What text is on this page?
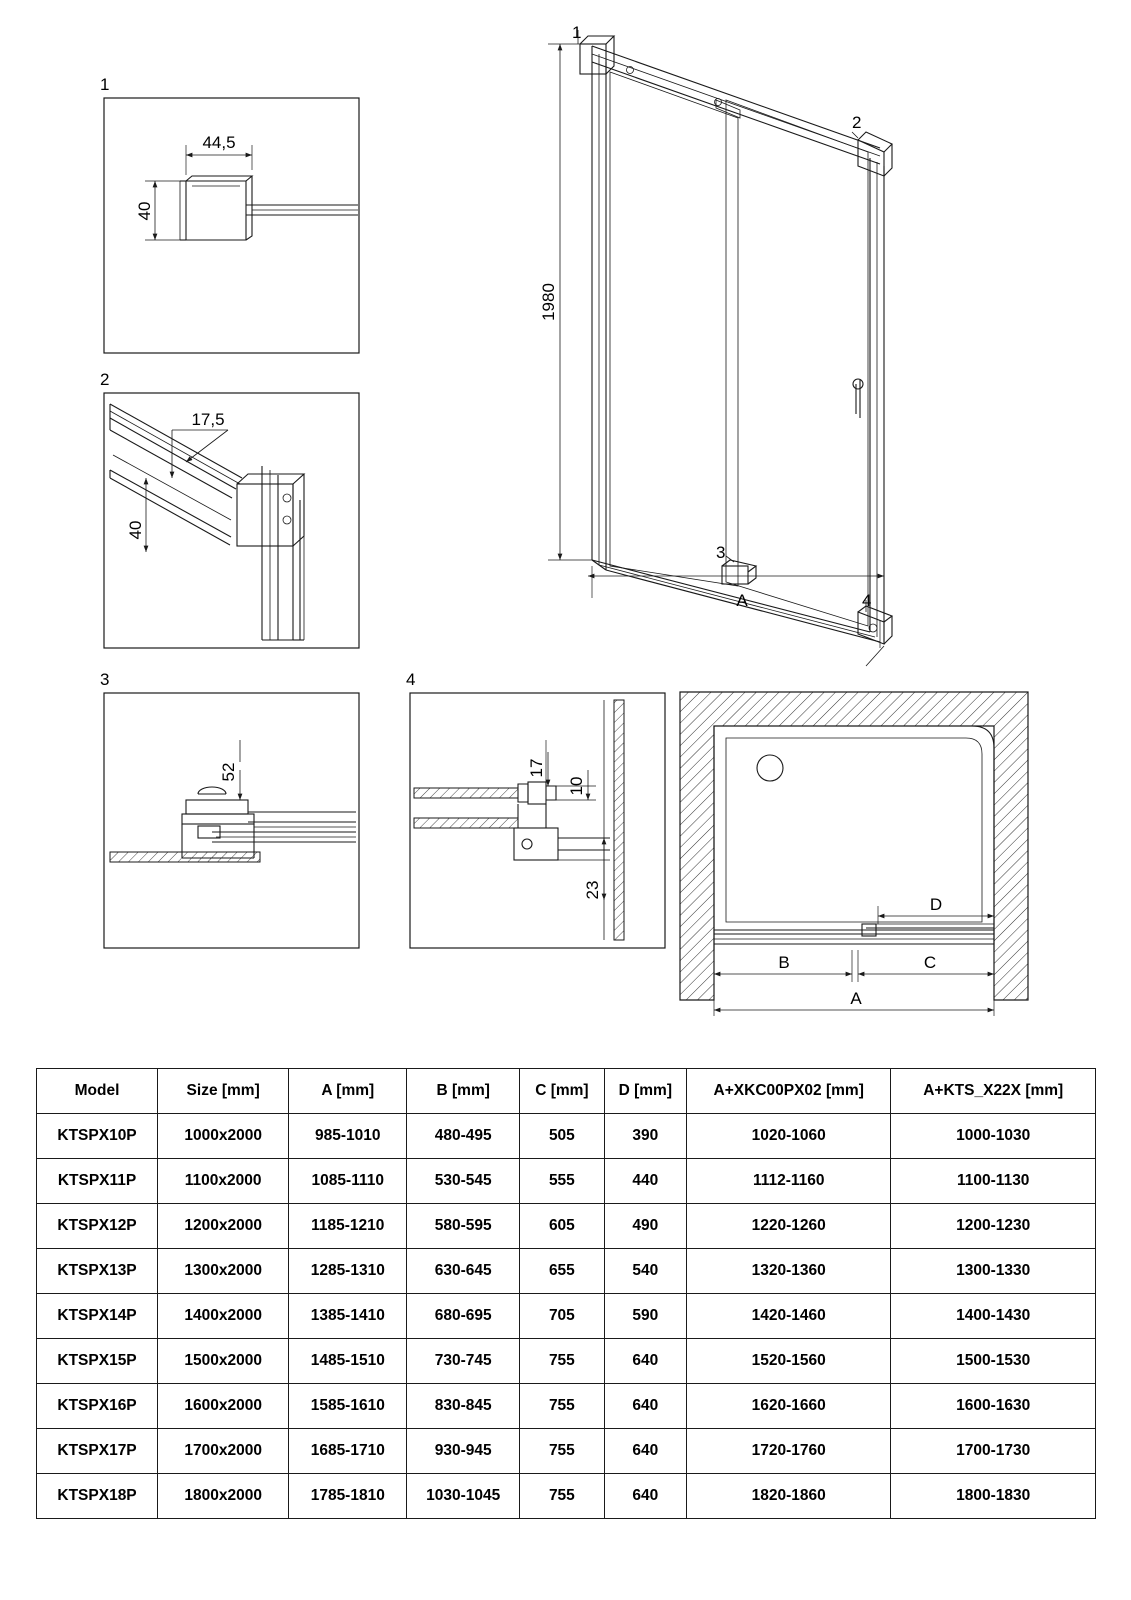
1
44,5
40
2
17,5
40
3
52
4
17
10
23
1
2
3
4
1980
A
D
B	C
A
Model	Size [mm]	A [mm]	B [mm]	C [mm]	D [mm]	A+XKC00PX02 [mm]	A+KTS_X22X [mm]
KTSPX10P	1000x2000	985-1010	480-495	505	390	1020-1060	1000-1030
KTSPX11P	1100x2000	1085-1110	530-545	555	440	1112-1160	1100-1130
KTSPX12P	1200x2000	1185-1210	580-595	605	490	1220-1260	1200-1230
KTSPX13P	1300x2000	1285-1310	630-645	655	540	1320-1360	1300-1330
KTSPX14P	1400x2000	1385-1410	680-695	705	590	1420-1460	1400-1430
KTSPX15P	1500x2000	1485-1510	730-745	755	640	1520-1560	1500-1530
KTSPX16P	1600x2000	1585-1610	830-845	755	640	1620-1660	1600-1630
KTSPX17P	1700x2000	1685-1710	930-945	755	640	1720-1760	1700-1730
KTSPX18P	1800x2000	1785-1810	1030-1045	755	640	1820-1860	1800-1830
